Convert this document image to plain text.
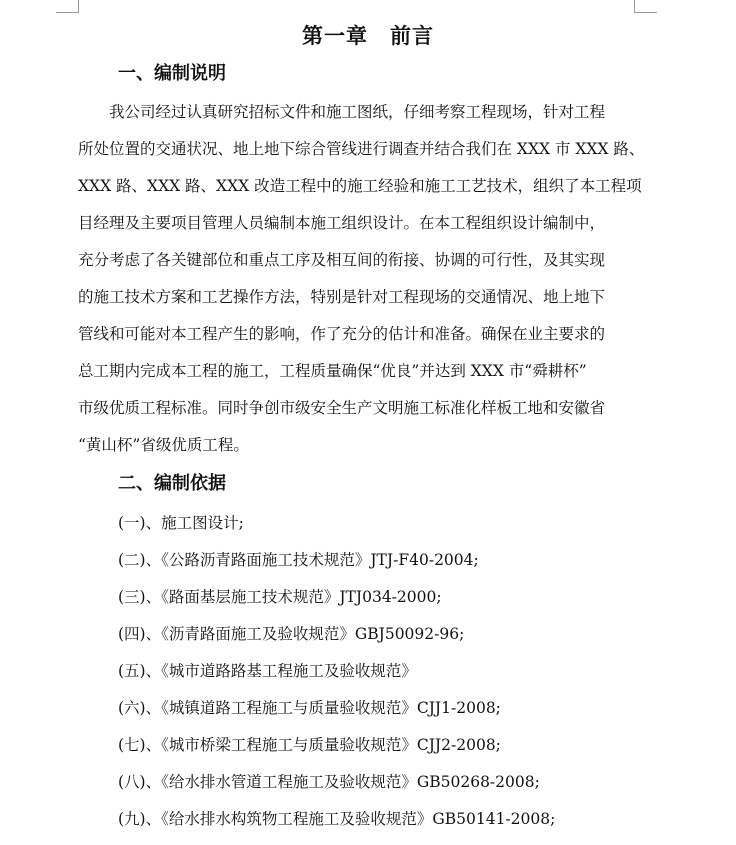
第一章　前言
一、编制说明
　　我公司经过认真研究招标文件和施工图纸，仔细考察工程现场，针对工程
所处位置的交通状况、地上地下综合管线进行调查并结合我们在 XXX 市 XXX 路、
XXX 路、XXX 路、XXX 改造工程中的施工经验和施工工艺技术，组织了本工程项
目经理及主要项目管理人员编制本施工组织设计。在本工程组织设计编制中，
充分考虑了各关键部位和重点工序及相互间的衔接、协调的可行性，及其实现
的施工技术方案和工艺操作方法，特别是针对工程现场的交通情况、地上地下
管线和可能对本工程产生的影响，作了充分的估计和准备。确保在业主要求的
总工期内完成本工程的施工，工程质量确保“优良”并达到 XXX 市“舜耕杯”
市级优质工程标准。同时争创市级安全生产文明施工标准化样板工地和安徽省
“黄山杯”省级优质工程。
二、编制依据
(一)、施工图设计;
(二)、《公路沥青路面施工技术规范》JTJ-F40-2004;
(三)、《路面基层施工技术规范》JTJ034-2000;
(四)、《沥青路面施工及验收规范》GBJ50092-96;
(五)、《城市道路路基工程施工及验收规范》
(六)、《城镇道路工程施工与质量验收规范》CJJ1-2008;
(七)、《城市桥梁工程施工与质量验收规范》CJJ2-2008;
(八)、《给水排水管道工程施工及验收规范》GB50268-2008;
(九)、《给水排水构筑物工程施工及验收规范》GB50141-2008;
